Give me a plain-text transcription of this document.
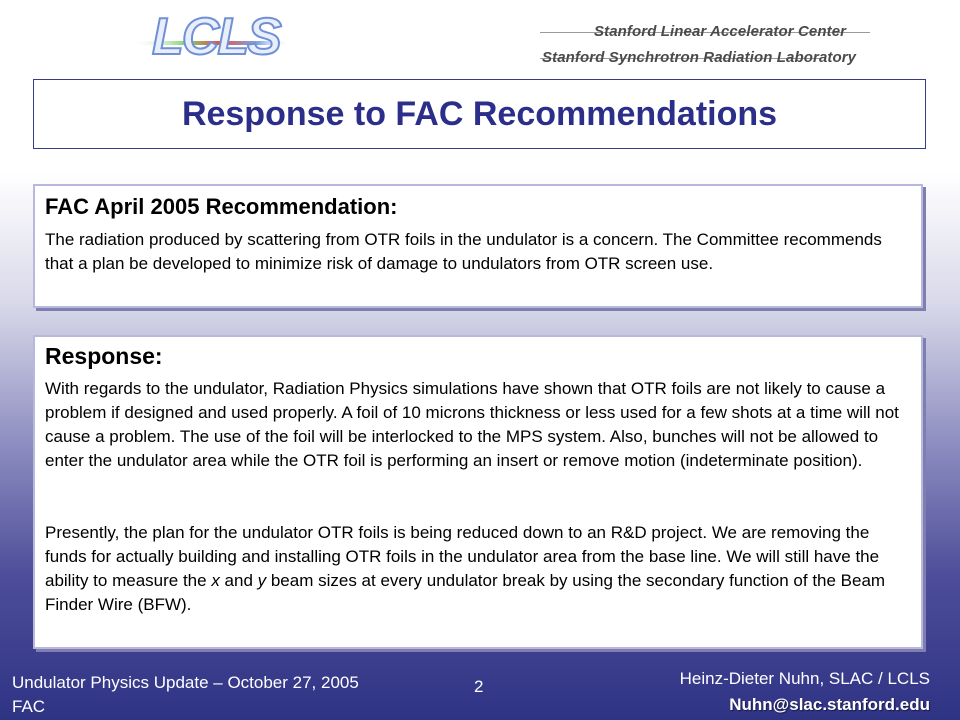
LCLS	Stanford Linear Accelerator Center
Stanford Synchrotron Radiation Laboratory
Response to FAC Recommendations
FAC April 2005 Recommendation:

The radiation produced by scattering from OTR foils in the undulator is a concern. The Committee recommends that a plan be developed to minimize risk of damage to undulators from OTR screen use.

Response:

With regards to the undulator, Radiation Physics simulations have shown that OTR foils are not likely to cause a problem if designed and used properly. A foil of 10 microns thickness or less used for a few shots at a time will not cause a problem. The use of the foil will be interlocked to the MPS system. Also, bunches will not be allowed to enter the undulator area while the OTR foil is performing an insert or remove motion (indeterminate position).

Presently, the plan for the undulator OTR foils is being reduced down to an R&D project. We are removing the funds for actually building and installing OTR foils in the undulator area from the base line. We will still have the ability to measure the x and y beam sizes at every undulator break by using the secondary function of the Beam Finder Wire (BFW).

Undulator Physics Update – October 27, 2005
FAC
2	Heinz-Dieter Nuhn, SLAC / LCLS
Nuhn@slac.stanford.edu
